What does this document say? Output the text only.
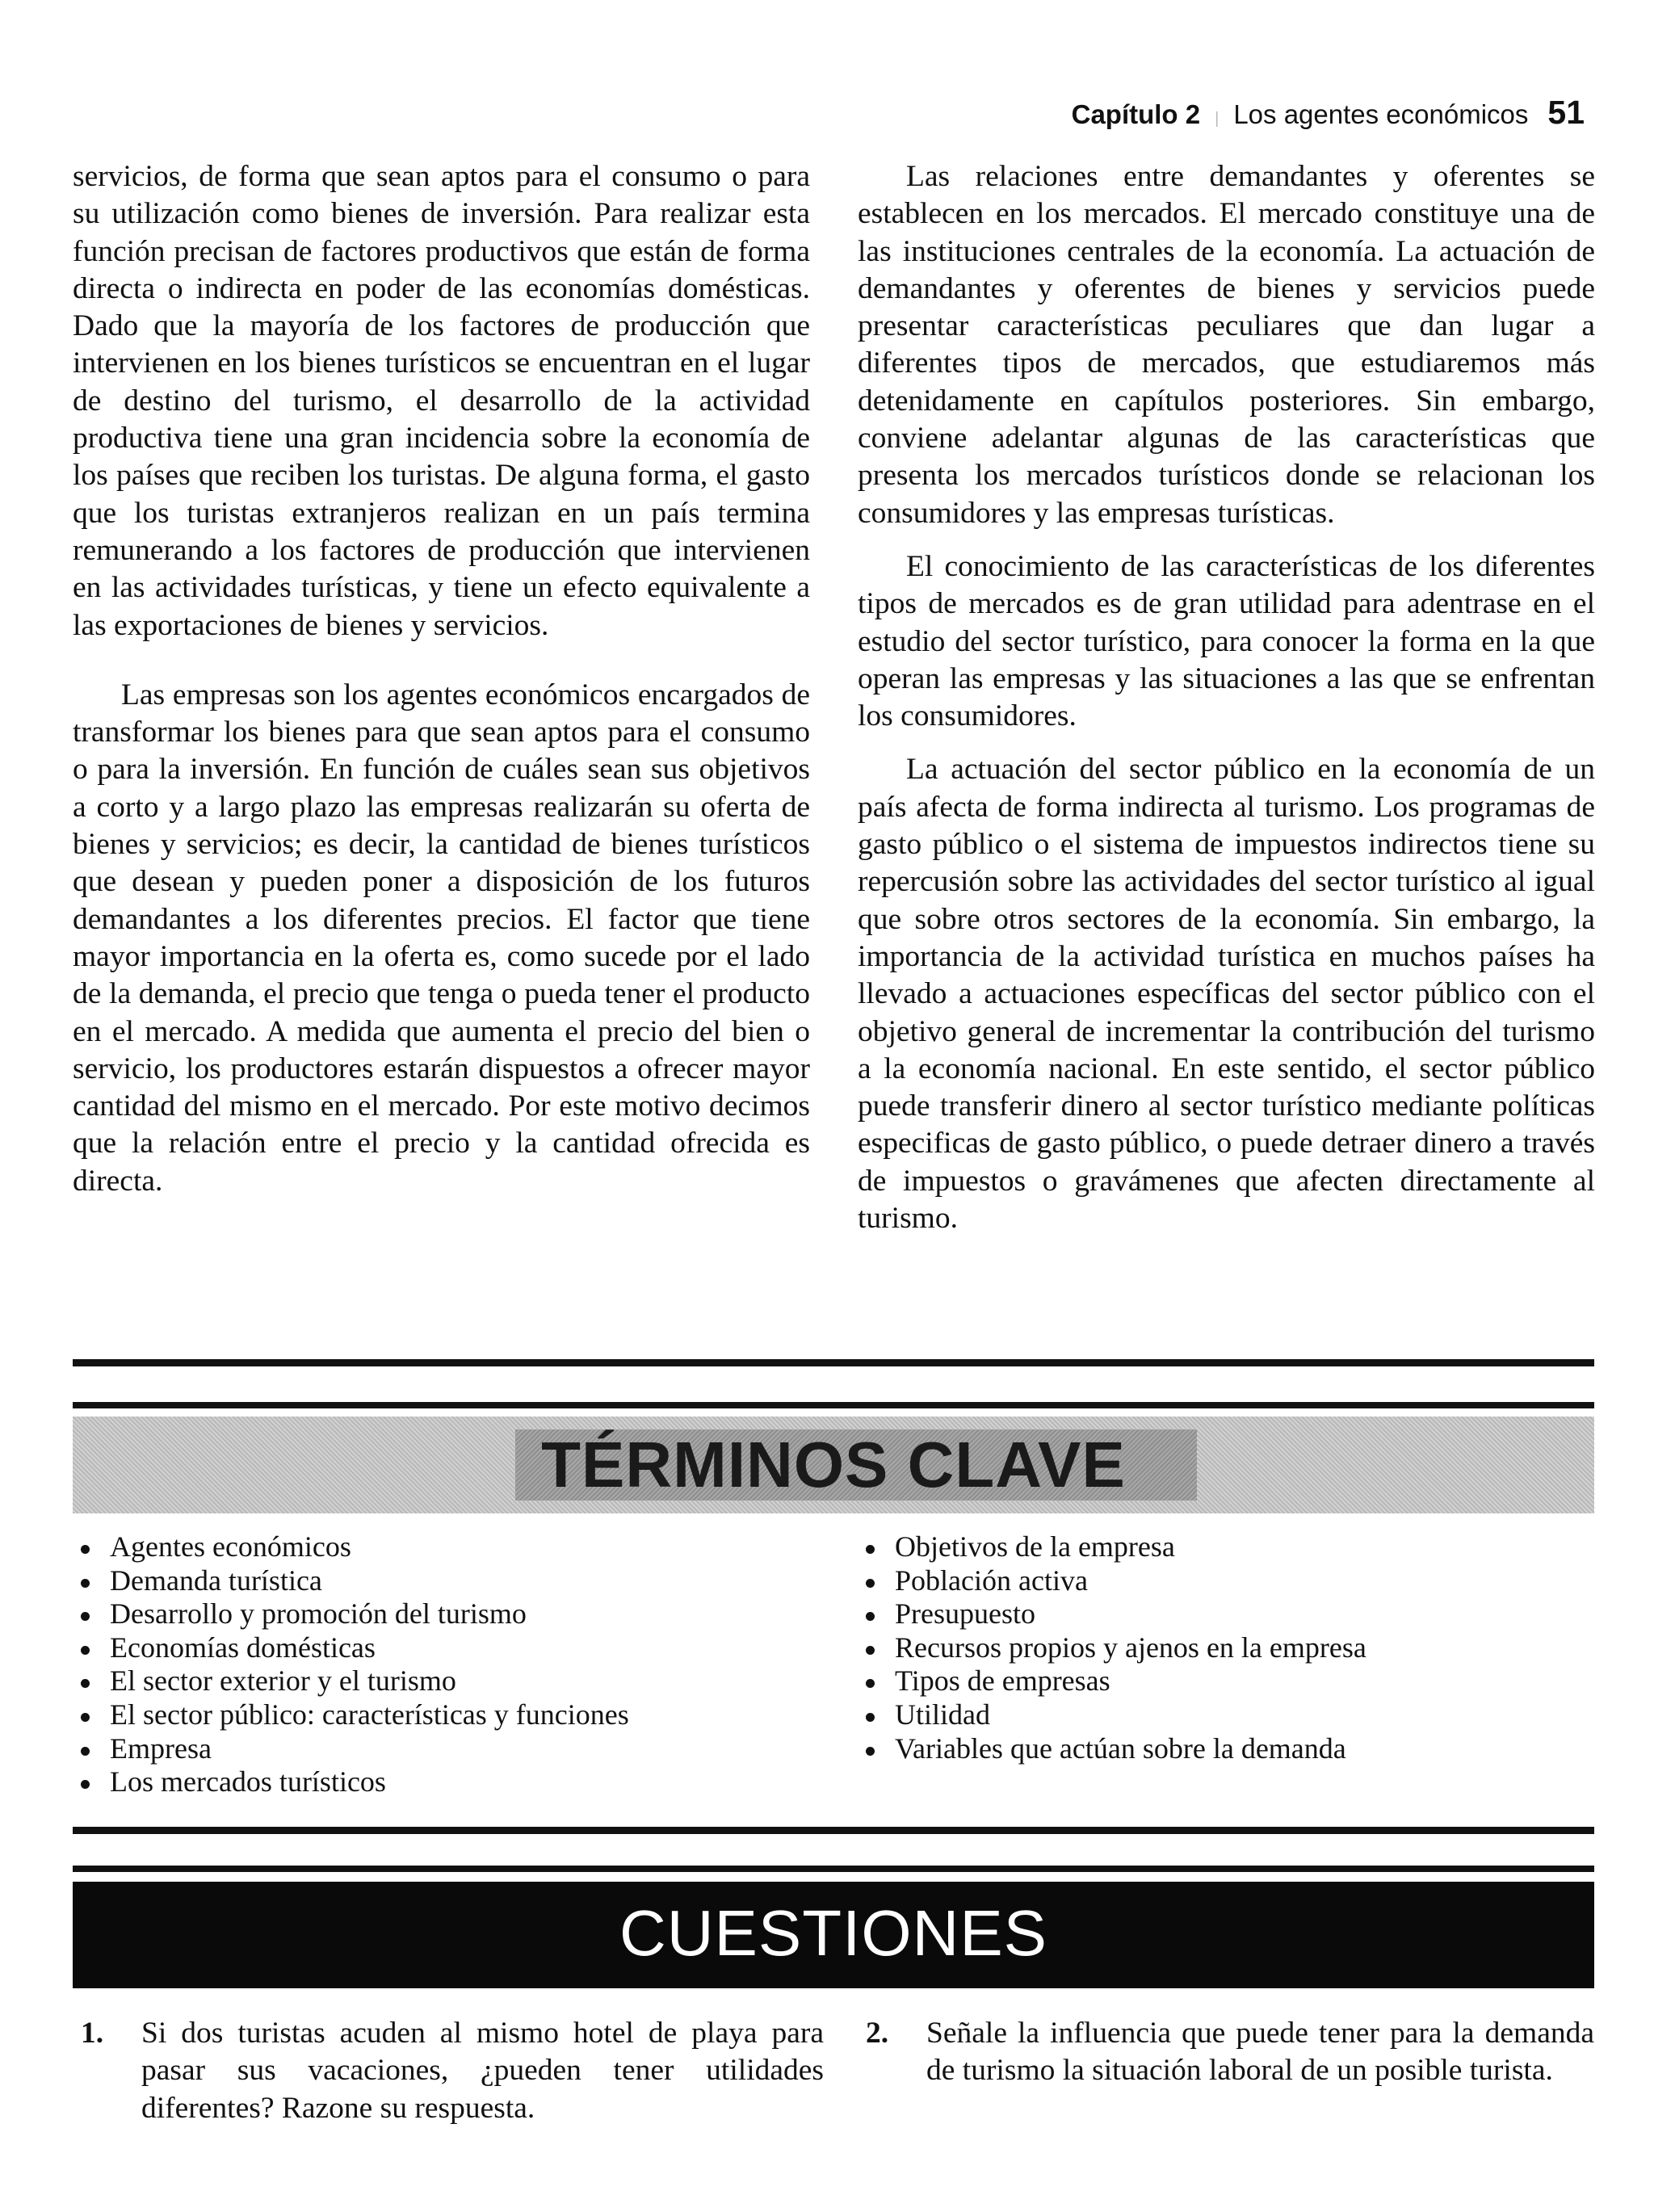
Capítulo 2 | Los agentes económicos 51

servicios, de forma que sean aptos para el consumo o para su utilización como bienes de inversión. Para realizar esta función precisan de factores productivos que están de forma directa o indirecta en poder de las economías domésticas. Dado que la mayoría de los factores de producción que intervienen en los bienes turísticos se encuentran en el lugar de destino del turismo, el desarrollo de la actividad productiva tiene una gran incidencia sobre la economía de los países que reciben los turistas. De alguna forma, el gasto que los turistas extranjeros realizan en un país termina remunerando a los factores de producción que intervienen en las actividades turísticas, y tiene un efecto equivalente a las exportaciones de bienes y servicios.

Las empresas son los agentes económicos encargados de transformar los bienes para que sean aptos para el consumo o para la inversión. En función de cuáles sean sus objetivos a corto y a largo plazo las empresas realizarán su oferta de bienes y servicios; es decir, la cantidad de bienes turísticos que desean y pueden poner a disposición de los futuros demandantes a los diferentes precios. El factor que tiene mayor importancia en la oferta es, como sucede por el lado de la demanda, el precio que tenga o pueda tener el producto en el mercado. A medida que aumenta el precio del bien o servicio, los productores estarán dispuestos a ofrecer mayor cantidad del mismo en el mercado. Por este motivo decimos que la relación entre el precio y la cantidad ofrecida es directa.

Las relaciones entre demandantes y oferentes se establecen en los mercados. El mercado constituye una de las instituciones centrales de la economía. La actuación de demandantes y oferentes de bienes y servicios puede presentar características peculiares que dan lugar a diferentes tipos de mercados, que estudiaremos más detenidamente en capítulos posteriores. Sin embargo, conviene adelantar algunas de las características que presenta los mercados turísticos donde se relacionan los consumidores y las empresas turísticas.

El conocimiento de las características de los diferentes tipos de mercados es de gran utilidad para adentrase en el estudio del sector turístico, para conocer la forma en la que operan las empresas y las situaciones a las que se enfrentan los consumidores.

La actuación del sector público en la economía de un país afecta de forma indirecta al turismo. Los programas de gasto público o el sistema de impuestos indirectos tiene su repercusión sobre las actividades del sector turístico al igual que sobre otros sectores de la economía. Sin embargo, la importancia de la actividad turística en muchos países ha llevado a actuaciones específicas del sector público con el objetivo general de incrementar la contribución del turismo a la economía nacional. En este sentido, el sector público puede transferir dinero al sector turístico mediante políticas especificas de gasto público, o puede detraer dinero a través de impuestos o gravámenes que afecten directamente al turismo.

TÉRMINOS CLAVE
Agentes económicos
Demanda turística
Desarrollo y promoción del turismo
Economías domésticas
El sector exterior y el turismo
El sector público: características y funciones
Empresa
Los mercados turísticos
Objetivos de la empresa
Población activa
Presupuesto
Recursos propios y ajenos en la empresa
Tipos de empresas
Utilidad
Variables que actúan sobre la demanda
CUESTIONES
1.	Si dos turistas acuden al mismo hotel de playa para pasar sus vacaciones, ¿pueden tener utilidades diferentes? Razone su respuesta.
2.	Señale la influencia que puede tener para la demanda de turismo la situación laboral de un posible turista.
